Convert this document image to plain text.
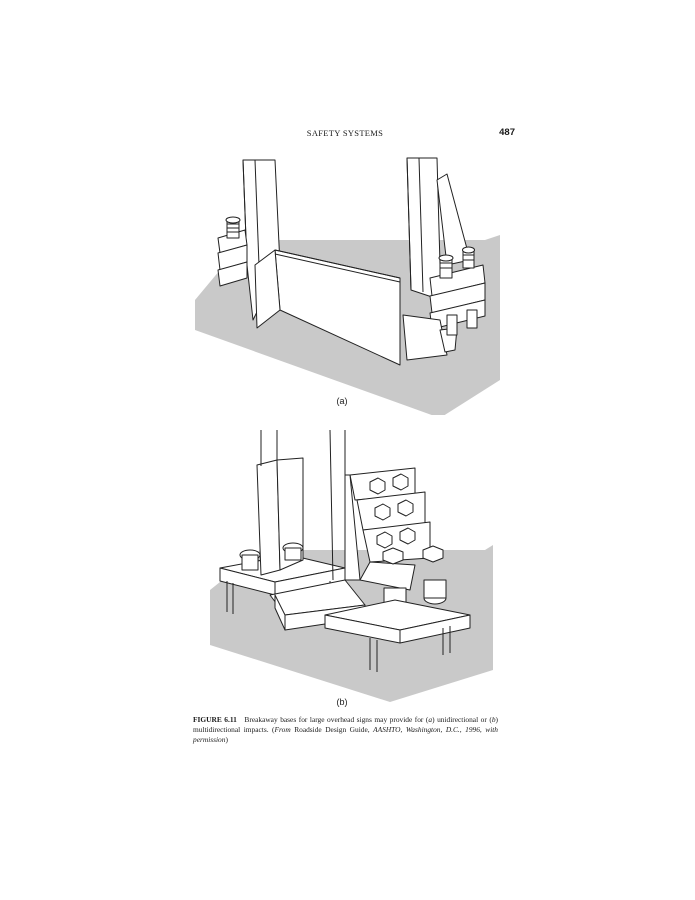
SAFETY SYSTEMS	487
(a)
(b)
FIGURE 6.11 Breakaway bases for large overhead signs may provide for (a) unidirectional or (b) multidirectional impacts. (From Roadside Design Guide, AASHTO, Washington, D.C., 1996, with permission)
